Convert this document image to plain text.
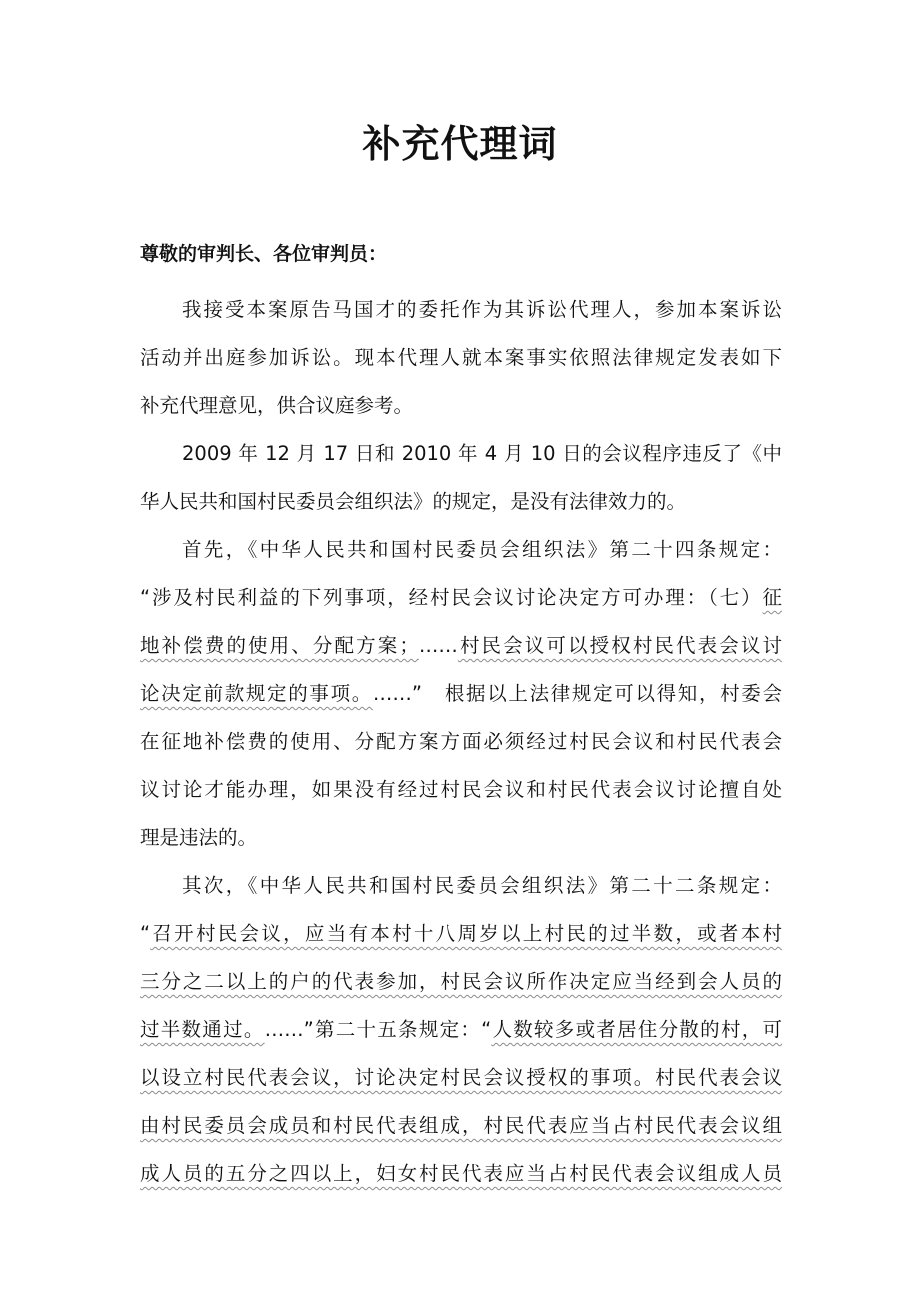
补充代理词
尊敬的审判长、各位审判员：
我接受本案原告马国才的委托作为其诉讼代理人，参加本案诉讼
活动并出庭参加诉讼。现本代理人就本案事实依照法律规定发表如下
补充代理意见，供合议庭参考。
2009 年 12 月 17 日和 2010 年 4 月 10 日的会议程序违反了《中
华人民共和国村民委员会组织法》的规定，是没有法律效力的。
首先，《中华人民共和国村民委员会组织法》第二十四条规定：
“涉及村民利益的下列事项，经村民会议讨论决定方可办理：（七）征
地补偿费的使用、分配方案；……村民会议可以授权村民代表会议讨
论决定前款规定的事项。……”　根据以上法律规定可以得知，村委会
在征地补偿费的使用、分配方案方面必须经过村民会议和村民代表会
议讨论才能办理，如果没有经过村民会议和村民代表会议讨论擅自处
理是违法的。
其次，《中华人民共和国村民委员会组织法》第二十二条规定：
“召开村民会议，应当有本村十八周岁以上村民的过半数，或者本村
三分之二以上的户的代表参加，村民会议所作决定应当经到会人员的
过半数通过。……”第二十五条规定：“人数较多或者居住分散的村，可
以设立村民代表会议，讨论决定村民会议授权的事项。村民代表会议
由村民委员会成员和村民代表组成，村民代表应当占村民代表会议组
成人员的五分之四以上，妇女村民代表应当占村民代表会议组成人员
